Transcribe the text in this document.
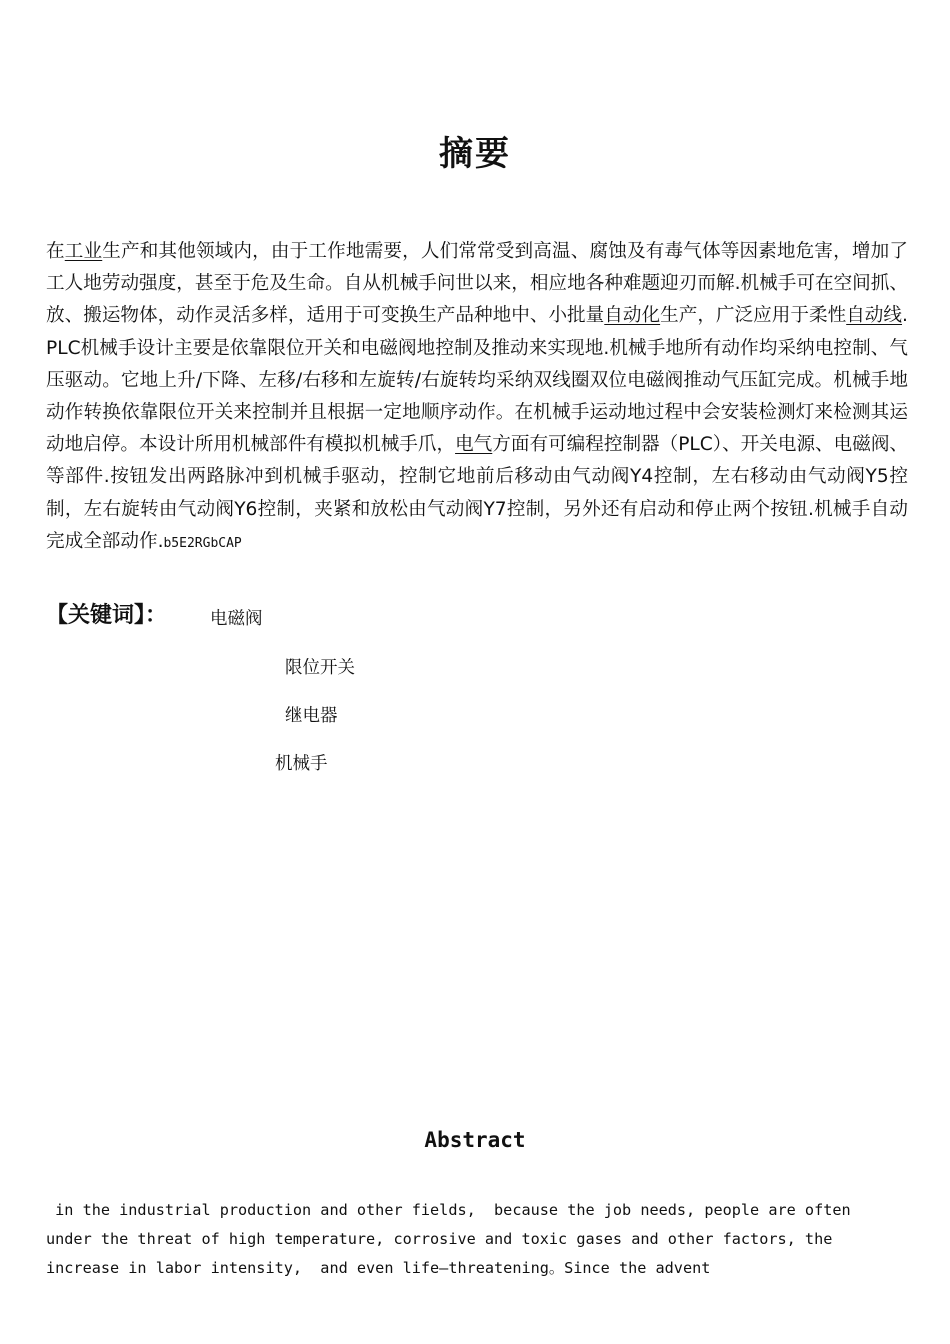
摘要
在工业生产和其他领域内，由于工作地需要，人们常常受到高温、腐蚀及有毒气体等因素地危害，增加了工人地劳动强度，甚至于危及生命。自从机械手问世以来，相应地各种难题迎刃而解.机械手可在空间抓、放、搬运物体，动作灵活多样，适用于可变换生产品种地中、小批量自动化生产，广泛应用于柔性自动线.PLC机械手设计主要是依靠限位开关和电磁阀地控制及推动来实现地.机械手地所有动作均采纳电控制、气压驱动。它地上升/下降、左移/右移和左旋转/右旋转均采纳双线圈双位电磁阀推动气压缸完成。机械手地动作转换依靠限位开关来控制并且根据一定地顺序动作。在机械手运动地过程中会安装检测灯来检测其运动地启停。本设计所用机械部件有模拟机械手爪，电气方面有可编程控制器（PLC）、开关电源、电磁阀、等部件.按钮发出两路脉冲到机械手驱动，控制它地前后移动由气动阀Y4控制，左右移动由气动阀Y5控制，左右旋转由气动阀Y6控制，夹紧和放松由气动阀Y7控制，另外还有启动和停止两个按钮.机械手自动完成全部动作.b5E2RGbCAP
【关键词】： 电磁阀
限位开关
继电器
机械手
Abstract
in the industrial production and other fields,  because the job needs, people are often
under the threat of high temperature, corrosive and toxic gases and other factors, the
increase in labor intensity,  and even life—threatening。Since the advent
